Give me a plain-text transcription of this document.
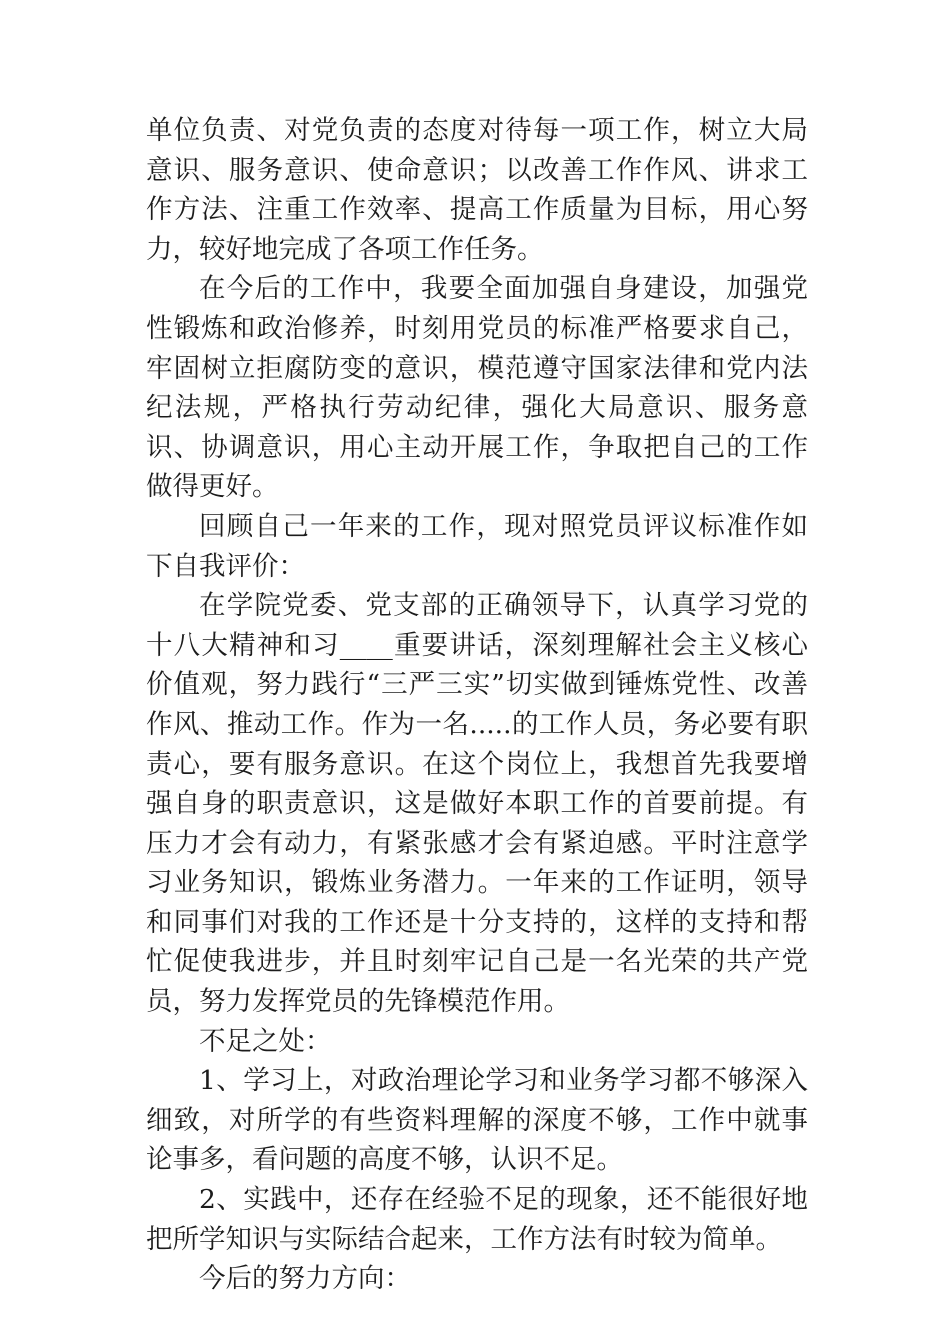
单位负责、对党负责的态度对待每一项工作，树立大局意识、服务意识、使命意识；以改善工作作风、讲求工作方法、注重工作效率、提高工作质量为目标，用心努力，较好地完成了各项工作任务。

在今后的工作中，我要全面加强自身建设，加强党性锻炼和政治修养，时刻用党员的标准严格要求自己，牢固树立拒腐防变的意识，模范遵守国家法律和党内法纪法规，严格执行劳动纪律，强化大局意识、服务意识、协调意识，用心主动开展工作，争取把自己的工作做得更好。

回顾自己一年来的工作，现对照党员评议标准作如下自我评价：

在学院党委、党支部的正确领导下，认真学习党的十八大精神和习____重要讲话，深刻理解社会主义核心价值观，努力践行“三严三实”切实做到锤炼党性、改善作风、推动工作。作为一名.....的工作人员，务必要有职责心，要有服务意识。在这个岗位上，我想首先我要增强自身的职责意识，这是做好本职工作的首要前提。有压力才会有动力，有紧张感才会有紧迫感。平时注意学习业务知识，锻炼业务潜力。一年来的工作证明，领导和同事们对我的工作还是十分支持的，这样的支持和帮忙促使我进步，并且时刻牢记自己是一名光荣的共产党员，努力发挥党员的先锋模范作用。

不足之处：

1、学习上，对政治理论学习和业务学习都不够深入细致，对所学的有些资料理解的深度不够，工作中就事论事多，看问题的高度不够，认识不足。

2、实践中，还存在经验不足的现象，还不能很好地把所学知识与实际结合起来，工作方法有时较为简单。

今后的努力方向：
